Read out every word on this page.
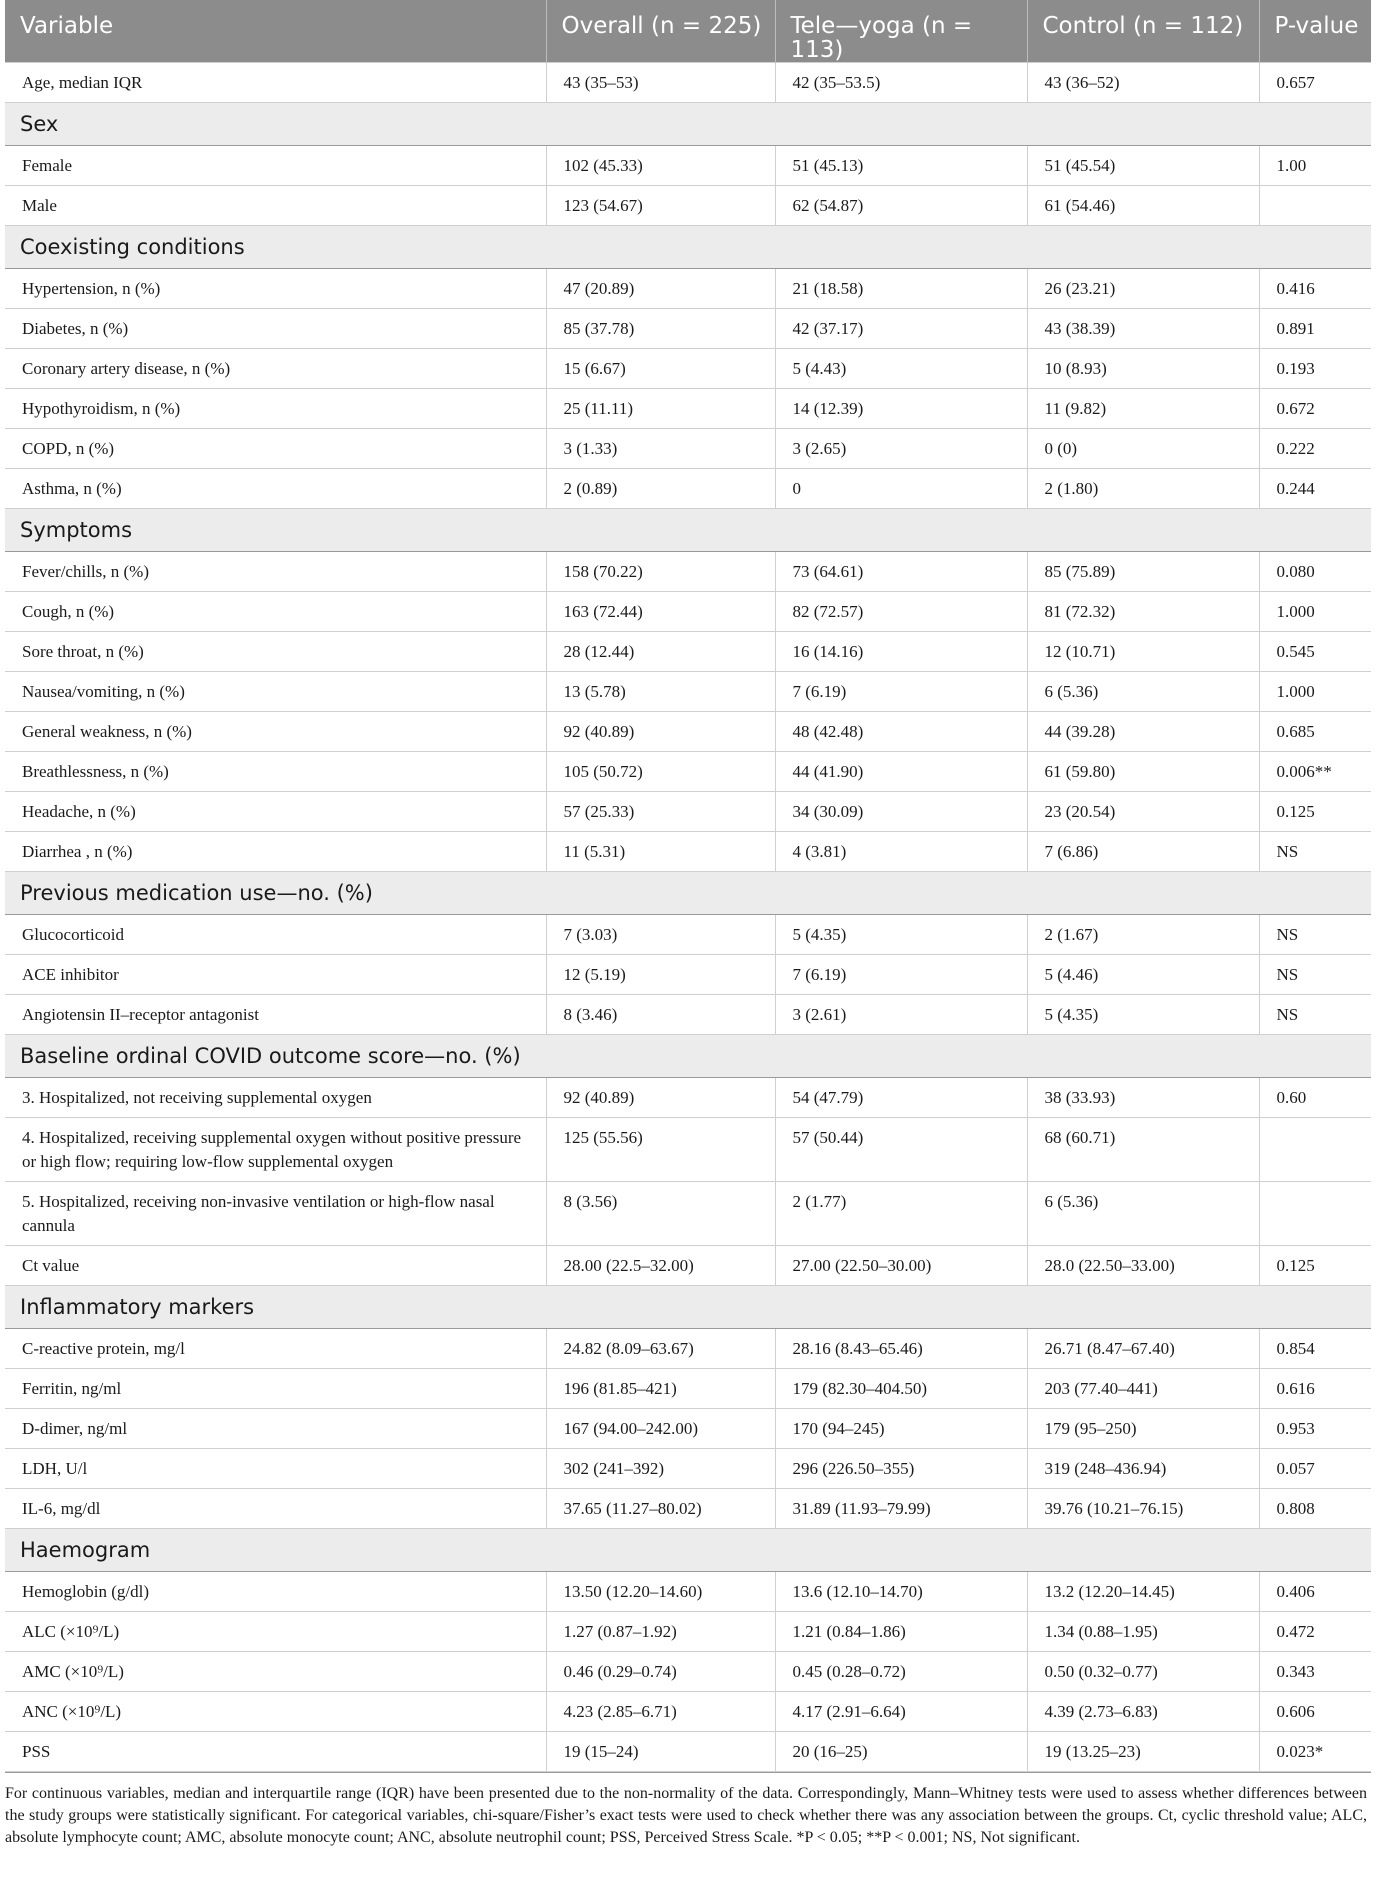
Variable	Overall (n = 225)	Tele—yoga (n = 113)	Control (n = 112)	P-value
Age, median IQR	43 (35–53)	42 (35–53.5)	43 (36–52)	0.657
Sex				
Female	102 (45.33)	51 (45.13)	51 (45.54)	1.00
Male	123 (54.67)	62 (54.87)	61 (54.46)	
Coexisting conditions				
Hypertension, n (%)	47 (20.89)	21 (18.58)	26 (23.21)	0.416
Diabetes, n (%)	85 (37.78)	42 (37.17)	43 (38.39)	0.891
Coronary artery disease, n (%)	15 (6.67)	5 (4.43)	10 (8.93)	0.193
Hypothyroidism, n (%)	25 (11.11)	14 (12.39)	11 (9.82)	0.672
COPD, n (%)	3 (1.33)	3 (2.65)	0 (0)	0.222
Asthma, n (%)	2 (0.89)	0	2 (1.80)	0.244
Symptoms				
Fever/chills, n (%)	158 (70.22)	73 (64.61)	85 (75.89)	0.080
Cough, n (%)	163 (72.44)	82 (72.57)	81 (72.32)	1.000
Sore throat, n (%)	28 (12.44)	16 (14.16)	12 (10.71)	0.545
Nausea/vomiting, n (%)	13 (5.78)	7 (6.19)	6 (5.36)	1.000
General weakness, n (%)	92 (40.89)	48 (42.48)	44 (39.28)	0.685
Breathlessness, n (%)	105 (50.72)	44 (41.90)	61 (59.80)	0.006**
Headache, n (%)	57 (25.33)	34 (30.09)	23 (20.54)	0.125
Diarrhea , n (%)	11 (5.31)	4 (3.81)	7 (6.86)	NS
Previous medication use—no. (%)				
Glucocorticoid	7 (3.03)	5 (4.35)	2 (1.67)	NS
ACE inhibitor	12 (5.19)	7 (6.19)	5 (4.46)	NS
Angiotensin II–receptor antagonist	8 (3.46)	3 (2.61)	5 (4.35)	NS
Baseline ordinal COVID outcome score—no. (%)				
3. Hospitalized, not receiving supplemental oxygen	92 (40.89)	54 (47.79)	38 (33.93)	0.60
4. Hospitalized, receiving supplemental oxygen without positive pressure or high flow; requiring low-flow supplemental oxygen	125 (55.56)	57 (50.44)	68 (60.71)	
5. Hospitalized, receiving non-invasive ventilation or high-flow nasal cannula	8 (3.56)	2 (1.77)	6 (5.36)	
Ct value	28.00 (22.5–32.00)	27.00 (22.50–30.00)	28.0 (22.50–33.00)	0.125
Inflammatory markers				
C-reactive protein, mg/l	24.82 (8.09–63.67)	28.16 (8.43–65.46)	26.71 (8.47–67.40)	0.854
Ferritin, ng/ml	196 (81.85–421)	179 (82.30–404.50)	203 (77.40–441)	0.616
D-dimer, ng/ml	167 (94.00–242.00)	170 (94–245)	179 (95–250)	0.953
LDH, U/l	302 (241–392)	296 (226.50–355)	319 (248–436.94)	0.057
IL-6, mg/dl	37.65 (11.27–80.02)	31.89 (11.93–79.99)	39.76 (10.21–76.15)	0.808
Haemogram				
Hemoglobin (g/dl)	13.50 (12.20–14.60)	13.6 (12.10–14.70)	13.2 (12.20–14.45)	0.406
ALC (×10⁹/L)	1.27 (0.87–1.92)	1.21 (0.84–1.86)	1.34 (0.88–1.95)	0.472
AMC (×10⁹/L)	0.46 (0.29–0.74)	0.45 (0.28–0.72)	0.50 (0.32–0.77)	0.343
ANC (×10⁹/L)	4.23 (2.85–6.71)	4.17 (2.91–6.64)	4.39 (2.73–6.83)	0.606
PSS	19 (15–24)	20 (16–25)	19 (13.25–23)	0.023*
For continuous variables, median and interquartile range (IQR) have been presented due to the non-normality of the data. Correspondingly, Mann–Whitney tests were used to assess whether differences between the study groups were statistically significant. For categorical variables, chi-square/Fisher’s exact tests were used to check whether there was any association between the groups. Ct, cyclic threshold value; ALC, absolute lymphocyte count; AMC, absolute monocyte count; ANC, absolute neutrophil count; PSS, Perceived Stress Scale. *P < 0.05; **P < 0.001; NS, Not significant.
